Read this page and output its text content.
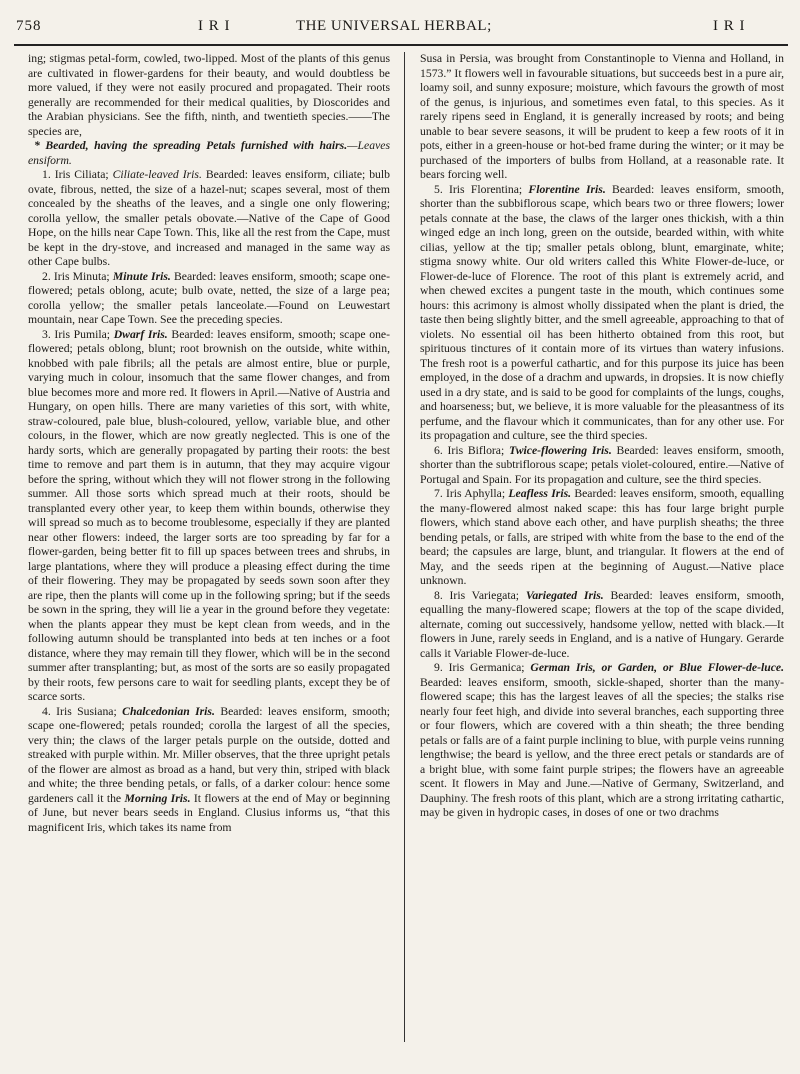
758	I R I	THE UNIVERSAL HERBAL;	I R I

ing; stigmas petal-form, cowled, two-lipped. Most of the plants of this genus are cultivated in flower-gardens for their beauty, and would doubtless be more valued, if they were not easily procured and propagated. Their roots generally are recommended for their medical qualities, by Dioscorides and the Arabian physicians. See the fifth, ninth, and twentieth species.——The species are,

* Bearded, having the spreading Petals furnished with hairs.—Leaves ensiform.

1. Iris Ciliata; Ciliate-leaved Iris. Bearded: leaves ensiform, ciliate; bulb ovate, fibrous, netted, the size of a hazel-nut; scapes several, most of them concealed by the sheaths of the leaves, and a single one only flowering; corolla yellow, the smaller petals obovate.—Native of the Cape of Good Hope, on the hills near Cape Town. This, like all the rest from the Cape, must be kept in the dry-stove, and increased and managed in the same way as other Cape bulbs.

2. Iris Minuta; Minute Iris. Bearded: leaves ensiform, smooth; scape one-flowered; petals oblong, acute; bulb ovate, netted, the size of a large pea; corolla yellow; the smaller petals lanceolate.—Found on Leuwestart mountain, near Cape Town. See the preceding species.

3. Iris Pumila; Dwarf Iris. Bearded: leaves ensiform, smooth; scape one-flowered; petals oblong, blunt; root brownish on the outside, white within, knobbed with pale fibrils; all the petals are almost entire, blue or purple, varying much in colour, insomuch that the same flower changes, and from blue becomes more and more red. It flowers in April.—Native of Austria and Hungary, on open hills. There are many varieties of this sort, with white, straw-coloured, pale blue, blush-coloured, yellow, variable blue, and other colours, in the flower, which are now greatly neglected. This is one of the hardy sorts, which are generally propagated by parting their roots: the best time to remove and part them is in autumn, that they may acquire vigour before the spring, without which they will not flower strong in the following summer. All those sorts which spread much at their roots, should be transplanted every other year, to keep them within bounds, otherwise they will spread so much as to become troublesome, especially if they are planted near other flowers: indeed, the larger sorts are too spreading by far for a flower-garden, being better fit to fill up spaces between trees and shrubs, in large plantations, where they will produce a pleasing effect during the time of their flowering. They may be propagated by seeds sown soon after they are ripe, then the plants will come up in the following spring; but if the seeds be sown in the spring, they will lie a year in the ground before they vegetate: when the plants appear they must be kept clean from weeds, and in the following autumn should be transplanted into beds at ten inches or a foot distance, where they may remain till they flower, which will be in the second summer after transplanting; but, as most of the sorts are so easily propagated by their roots, few persons care to wait for seedling plants, except they be of scarce sorts.

4. Iris Susiana; Chalcedonian Iris. Bearded: leaves ensiform, smooth; scape one-flowered; petals rounded; corolla the largest of all the species, very thin; the claws of the larger petals purple on the outside, dotted and streaked with purple within. Mr. Miller observes, that the three upright petals of the flower are almost as broad as a hand, but very thin, striped with black and white; the three bending petals, or falls, of a darker colour: hence some gardeners call it the Morning Iris. It flowers at the end of May or beginning of June, but never bears seeds in England. Clusius informs us, “that this magnificent Iris, which takes its name from

Susa in Persia, was brought from Constantinople to Vienna and Holland, in 1573.” It flowers well in favourable situations, but succeeds best in a pure air, loamy soil, and sunny exposure; moisture, which favours the growth of most of the genus, is injurious, and sometimes even fatal, to this species. As it rarely ripens seed in England, it is generally increased by roots; and being unable to bear severe seasons, it will be prudent to keep a few roots of it in pots, either in a green-house or hot-bed frame during the winter; or it may be purchased of the importers of bulbs from Holland, at a reasonable rate. It bears forcing well.

5. Iris Florentina; Florentine Iris. Bearded: leaves ensiform, smooth, shorter than the subbiflorous scape, which bears two or three flowers; lower petals connate at the base, the claws of the larger ones thickish, with a thin winged edge an inch long, green on the outside, bearded within, with white cilias, yellow at the tip; smaller petals oblong, blunt, emarginate, white; stigma snowy white. Our old writers called this White Flower-de-luce, or Flower-de-luce of Florence. The root of this plant is extremely acrid, and when chewed excites a pungent taste in the mouth, which continues some hours: this acrimony is almost wholly dissipated when the plant is dried, the taste then being slightly bitter, and the smell agreeable, approaching to that of violets. No essential oil has been hitherto obtained from this root, but spirituous tinctures of it contain more of its virtues than watery infusions. The fresh root is a powerful cathartic, and for this purpose its juice has been employed, in the dose of a drachm and upwards, in dropsies. It is now chiefly used in a dry state, and is said to be good for complaints of the lungs, coughs, and hoarseness; but, we believe, it is more valuable for the pleasantness of its perfume, and the flavour which it communicates, than for any other use. For its propagation and culture, see the third species.

6. Iris Biflora; Twice-flowering Iris. Bearded: leaves ensiform, smooth, shorter than the subtriflorous scape; petals violet-coloured, entire.—Native of Portugal and Spain. For its propagation and culture, see the third species.

7. Iris Aphylla; Leafless Iris. Bearded: leaves ensiform, smooth, equalling the many-flowered almost naked scape: this has four large bright purple flowers, which stand above each other, and have purplish sheaths; the three bending petals, or falls, are striped with white from the base to the end of the beard; the capsules are large, blunt, and triangular. It flowers at the end of May, and the seeds ripen at the beginning of August.—Native place unknown.

8. Iris Variegata; Variegated Iris. Bearded: leaves ensiform, smooth, equalling the many-flowered scape; flowers at the top of the scape divided, alternate, coming out successively, handsome yellow, netted with black.—It flowers in June, rarely seeds in England, and is a native of Hungary. Gerarde calls it Variable Flower-de-luce.

9. Iris Germanica; German Iris, or Garden, or Blue Flower-de-luce. Bearded: leaves ensiform, smooth, sickle-shaped, shorter than the many-flowered scape; this has the largest leaves of all the species; the stalks rise nearly four feet high, and divide into several branches, each supporting three or four flowers, which are covered with a thin sheath; the three bending petals or falls are of a faint purple inclining to blue, with purple veins running lengthwise; the beard is yellow, and the three erect petals or standards are of a bright blue, with some faint purple stripes; the flowers have an agreeable scent. It flowers in May and June.—Native of Germany, Switzerland, and Dauphiny. The fresh roots of this plant, which are a strong irritating cathartic, may be given in hydropic cases, in doses of one or two drachms
